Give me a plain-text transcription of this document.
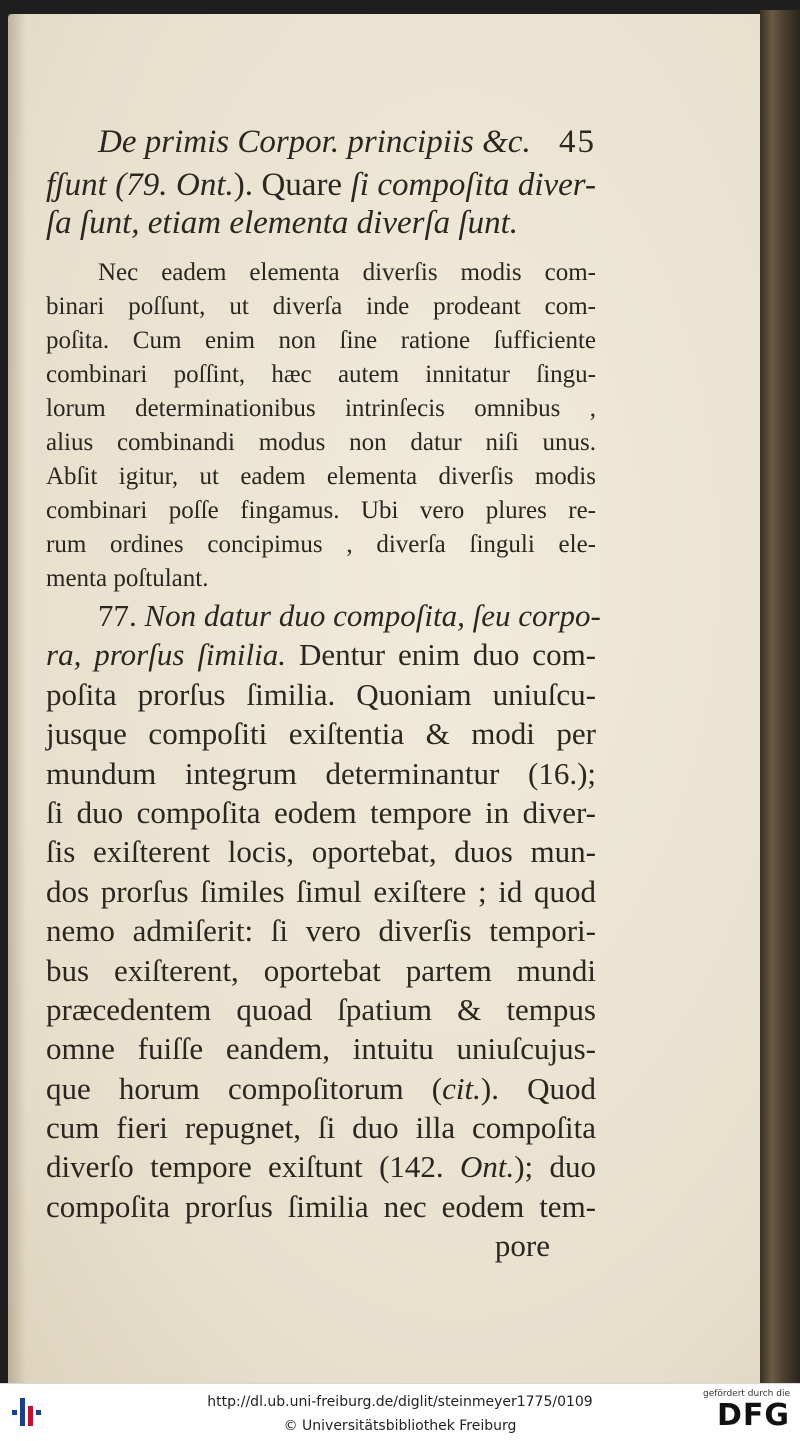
De primis Corpor. principiis &c. 45
fʃunt (79. Ont.). Quare ſi compoſita diver-
ſa ſunt, etiam elementa diverſa ſunt.
Nec eadem elementa diverſis modis com-
binari poſſunt, ut diverſa inde prodeant com-
poſita. Cum enim non ſine ratione ſufficiente
combinari poſſint, hæc autem innitatur ſingu-
lorum determinationibus intrinſecis omnibus ,
alius combinandi modus non datur niſi unus.
Abſit igitur, ut eadem elementa diverſis modis
combinari poſſe fingamus. Ubi vero plures re-
rum ordines concipimus , diverſa ſinguli ele-
menta poſtulant.
77. Non datur duo compoſita, ſeu corpo-
ra, prorſus ſimilia. Dentur enim duo com-
poſita prorſus ſimilia. Quoniam uniuſcu-
jusque compoſiti exiſtentia & modi per
mundum integrum determinantur (16.);
ſi duo compoſita eodem tempore in diver-
ſis exiſterent locis, oportebat, duos mun-
dos prorſus ſimiles ſimul exiſtere ; id quod
nemo admiſerit: ſi vero diverſis tempori-
bus exiſterent, oportebat partem mundi
præcedentem quoad ſpatium & tempus
omne fuiſſe eandem, intuitu uniuſcujus-
que horum compoſitorum (cit.). Quod
cum fieri repugnet, ſi duo illa compoſita
diverſo tempore exiſtunt (142. Ont.); duo
compoſita prorſus ſimilia nec eodem tem-
pore
http://dl.ub.uni-freiburg.de/diglit/steinmeyer1775/0109
© Universitätsbibliothek Freiburg
gefördert durch die
DFG
